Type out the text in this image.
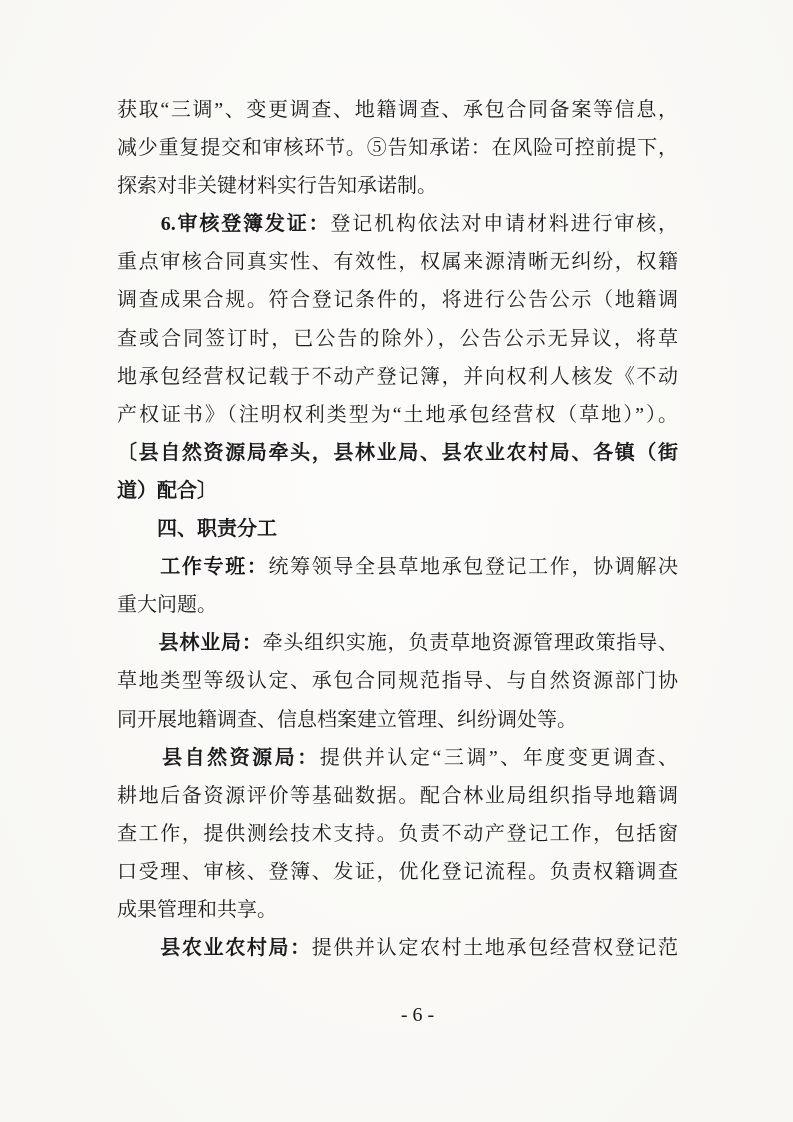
获取“三调”、变更调查、地籍调查、承包合同备案等信息，
减少重复提交和审核环节。⑤告知承诺：在风险可控前提下，
探索对非关键材料实行告知承诺制。
　　6.审核登簿发证：登记机构依法对申请材料进行审核，
重点审核合同真实性、有效性，权属来源清晰无纠纷，权籍
调查成果合规。符合登记条件的，将进行公告公示（地籍调
查或合同签订时，已公告的除外），公告公示无异议，将草
地承包经营权记载于不动产登记簿，并向权利人核发《不动
产权证书》（注明权利类型为“土地承包经营权（草地）”）。
〔县自然资源局牵头，县林业局、县农业农村局、各镇（街
道）配合〕
　　四、职责分工
　　工作专班：统筹领导全县草地承包登记工作，协调解决
重大问题。
　　县林业局：牵头组织实施，负责草地资源管理政策指导、
草地类型等级认定、承包合同规范指导、与自然资源部门协
同开展地籍调查、信息档案建立管理、纠纷调处等。
　　县自然资源局：提供并认定“三调”、年度变更调查、
耕地后备资源评价等基础数据。配合林业局组织指导地籍调
查工作，提供测绘技术支持。负责不动产登记工作，包括窗
口受理、审核、登簿、发证，优化登记流程。负责权籍调查
成果管理和共享。
　　县农业农村局：提供并认定农村土地承包经营权登记范
- 6 -
